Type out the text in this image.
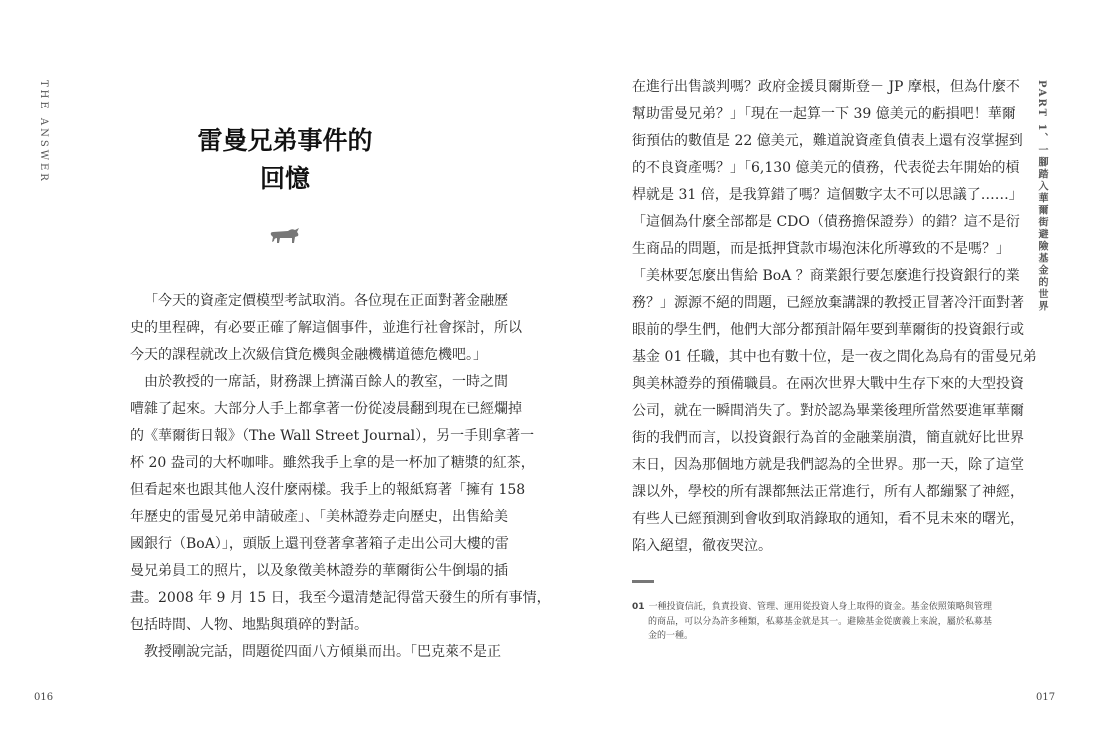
THE ANSWER	雷曼兄弟事件的
回憶
「今天的資產定價模型考試取消。各位現在正面對著金融歷
史的里程碑，有必要正確了解這個事件，並進行社會探討，所以
今天的課程就改上次級信貸危機與金融機構道德危機吧。」
由於教授的一席話，財務課上擠滿百餘人的教室，一時之間
嘈雜了起來。大部分人手上都拿著一份從凌晨翻到現在已經爛掉
的《華爾街日報》（The Wall Street Journal），另一手則拿著一
杯 20 盎司的大杯咖啡。雖然我手上拿的是一杯加了糖漿的紅茶，
但看起來也跟其他人沒什麼兩樣。我手上的報紙寫著「擁有 158
年歷史的雷曼兄弟申請破產」、「美林證券走向歷史，出售給美
國銀行（BoA）」，頭版上還刊登著拿著箱子走出公司大樓的雷
曼兄弟員工的照片，以及象徵美林證券的華爾街公牛倒塌的插
畫。2008 年 9 月 15 日，我至今還清楚記得當天發生的所有事情，
包括時間、人物、地點與瑣碎的對話。
教授剛說完話，問題從四面八方傾巢而出。「巴克萊不是正
016
PART 1、一腳踏入華爾街避險基金的世界
在進行出售談判嗎？政府金援貝爾斯登－ JP 摩根，但為什麼不
幫助雷曼兄弟？」「現在一起算一下 39 億美元的虧損吧！華爾
街預估的數值是 22 億美元，難道說資產負債表上還有沒掌握到
的不良資產嗎？」「6,130 億美元的債務，代表從去年開始的槓
桿就是 31 倍，是我算錯了嗎？這個數字太不可以思議了……」
「這個為什麼全部都是 CDO（債務擔保證券）的錯？這不是衍
生商品的問題，而是抵押貸款市場泡沫化所導致的不是嗎？」
「美林要怎麼出售給 BoA ？商業銀行要怎麼進行投資銀行的業
務？」源源不絕的問題，已經放棄講課的教授正冒著冷汗面對著
眼前的學生們，他們大部分都預計隔年要到華爾街的投資銀行或
基金 01 任職，其中也有數十位，是一夜之間化為烏有的雷曼兄弟
與美林證券的預備職員。在兩次世界大戰中生存下來的大型投資
公司，就在一瞬間消失了。對於認為畢業後理所當然要進軍華爾
街的我們而言，以投資銀行為首的金融業崩潰，簡直就好比世界
末日，因為那個地方就是我們認為的全世界。那一天，除了這堂
課以外，學校的所有課都無法正常進行，所有人都繃緊了神經，
有些人已經預測到會收到取消錄取的通知，看不見未來的曙光，
陷入絕望，徹夜哭泣。
01 一種投資信託，負責投資、管理、運用從投資人身上取得的資金。基金依照策略與管理
的商品，可以分為許多種類，私募基金就是其一。避險基金從廣義上來說，屬於私募基
金的一種。
017
